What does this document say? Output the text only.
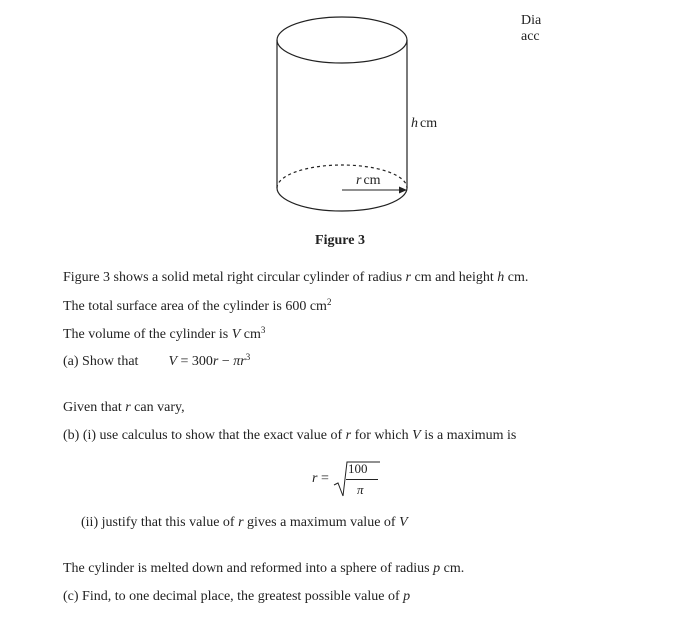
h cm
r cm
Dia
acc
Figure 3
Figure 3 shows a solid metal right circular cylinder of radius r cm and height h cm.
The total surface area of the cylinder is 600 $cm^2$
The volume of the cylinder is V $cm^3$
(a) Show that $V = 300r - \pi r^3$
Given that r can vary,
(b) (i) use calculus to show that the exact value of r for which V is a maximum is
r =
100
π
(ii) justify that this value of r gives a maximum value of V
The cylinder is melted down and reformed into a sphere of radius p cm.
(c) Find, to one decimal place, the greatest possible value of p
